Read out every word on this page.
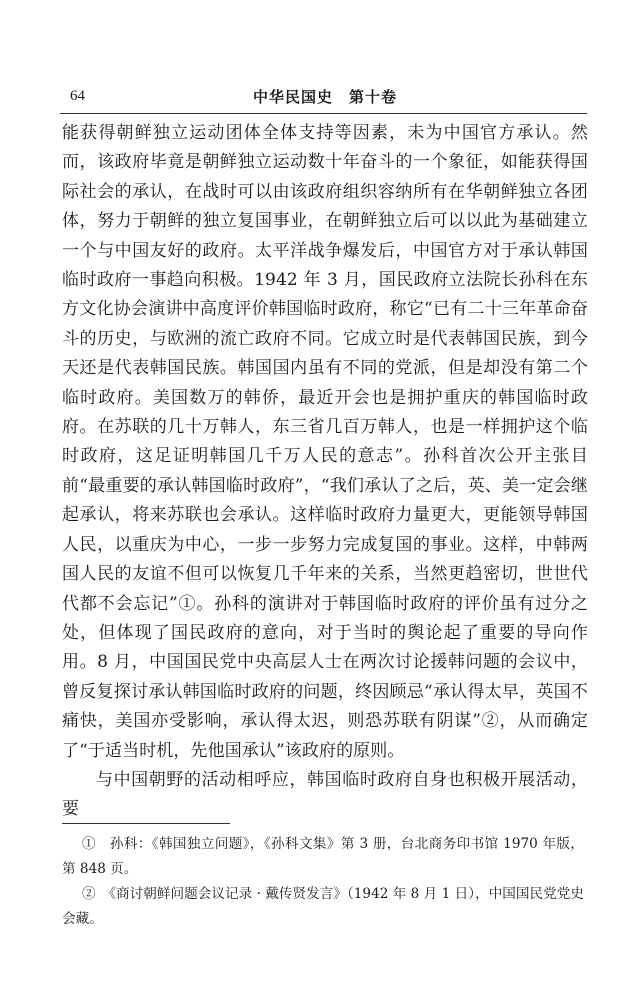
64	中华民国史　第十卷

能获得朝鲜独立运动团体全体支持等因素，未为中国官方承认。然而，该政府毕竟是朝鲜独立运动数十年奋斗的一个象征，如能获得国际社会的承认，在战时可以由该政府组织容纳所有在华朝鲜独立各团体，努力于朝鲜的独立复国事业，在朝鲜独立后可以以此为基础建立一个与中国友好的政府。太平洋战争爆发后，中国官方对于承认韩国临时政府一事趋向积极。1942 年 3 月，国民政府立法院长孙科在东方文化协会演讲中高度评价韩国临时政府，称它“已有二十三年革命奋斗的历史，与欧洲的流亡政府不同。它成立时是代表韩国民族，到今天还是代表韩国民族。韩国国内虽有不同的党派，但是却没有第二个临时政府。美国数万的韩侨，最近开会也是拥护重庆的韩国临时政府。在苏联的几十万韩人，东三省几百万韩人，也是一样拥护这个临时政府，这足证明韩国几千万人民的意志”。孙科首次公开主张目前“最重要的承认韩国临时政府”，“我们承认了之后，英、美一定会继起承认，将来苏联也会承认。这样临时政府力量更大，更能领导韩国人民，以重庆为中心，一步一步努力完成复国的事业。这样，中韩两国人民的友谊不但可以恢复几千年来的关系，当然更趋密切，世世代代都不会忘记”①。孙科的演讲对于韩国临时政府的评价虽有过分之处，但体现了国民政府的意向，对于当时的舆论起了重要的导向作用。8 月，中国国民党中央高层人士在两次讨论援韩问题的会议中，曾反复探讨承认韩国临时政府的问题，终因顾忌“承认得太早，英国不痛快，美国亦受影响，承认得太迟，则恐苏联有阴谋”②，从而确定了“于适当时机，先他国承认”该政府的原则。

与中国朝野的活动相呼应，韩国临时政府自身也积极开展活动，要

①　孙科：《韩国独立问题》，《孙科文集》第 3 册，台北商务印书馆 1970 年版，第 848 页。

②　《商讨朝鲜问题会议记录 · 戴传贤发言》（1942 年 8 月 1 日），中国国民党党史会藏。
